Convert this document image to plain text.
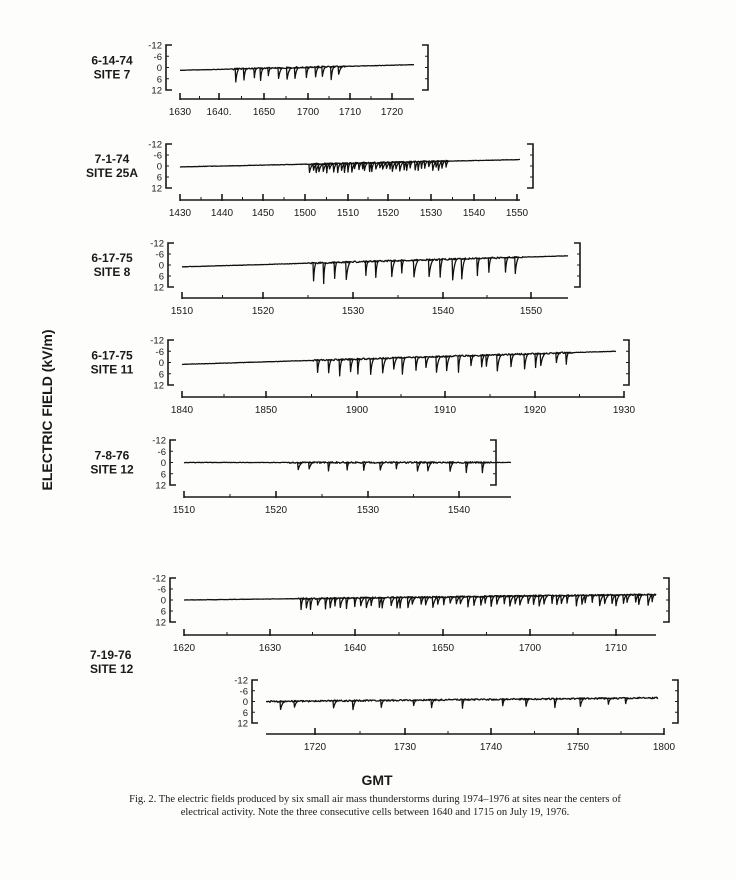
ELECTRIC FIELD (kV/m)
GMT
7-19-76
SITE 12
-12
-6
0
6
12
1630 1640. 1650 1700 1710 1720
6-14-74
SITE 7
-12
-6
0
6
12
1430 1440 1450 1500 1510 1520 1530 1540 1550
7-1-74
SITE 25A
-12
-6
0
6
12
1510	1520	1530	1540	1550
6-17-75
SITE 8
-12
-6
0
6
12
1840	1850	1900	1910	1920	1930
6-17-75
SITE 11
-12
-6
0
6
12
1510	1520	1530	1540
7-8-76
SITE 12
-12
-6
0
6
12
1620	1630	1640	1650	1700	1710
-12
-6
0
6
12
1720	1730	1740	1750	1800
Fig. 2. The electric fields produced by six small air mass thunderstorms during 1974–1976 at sites near the centers of
electrical activity. Note the three consecutive cells between 1640 and 1715 on July 19, 1976.
